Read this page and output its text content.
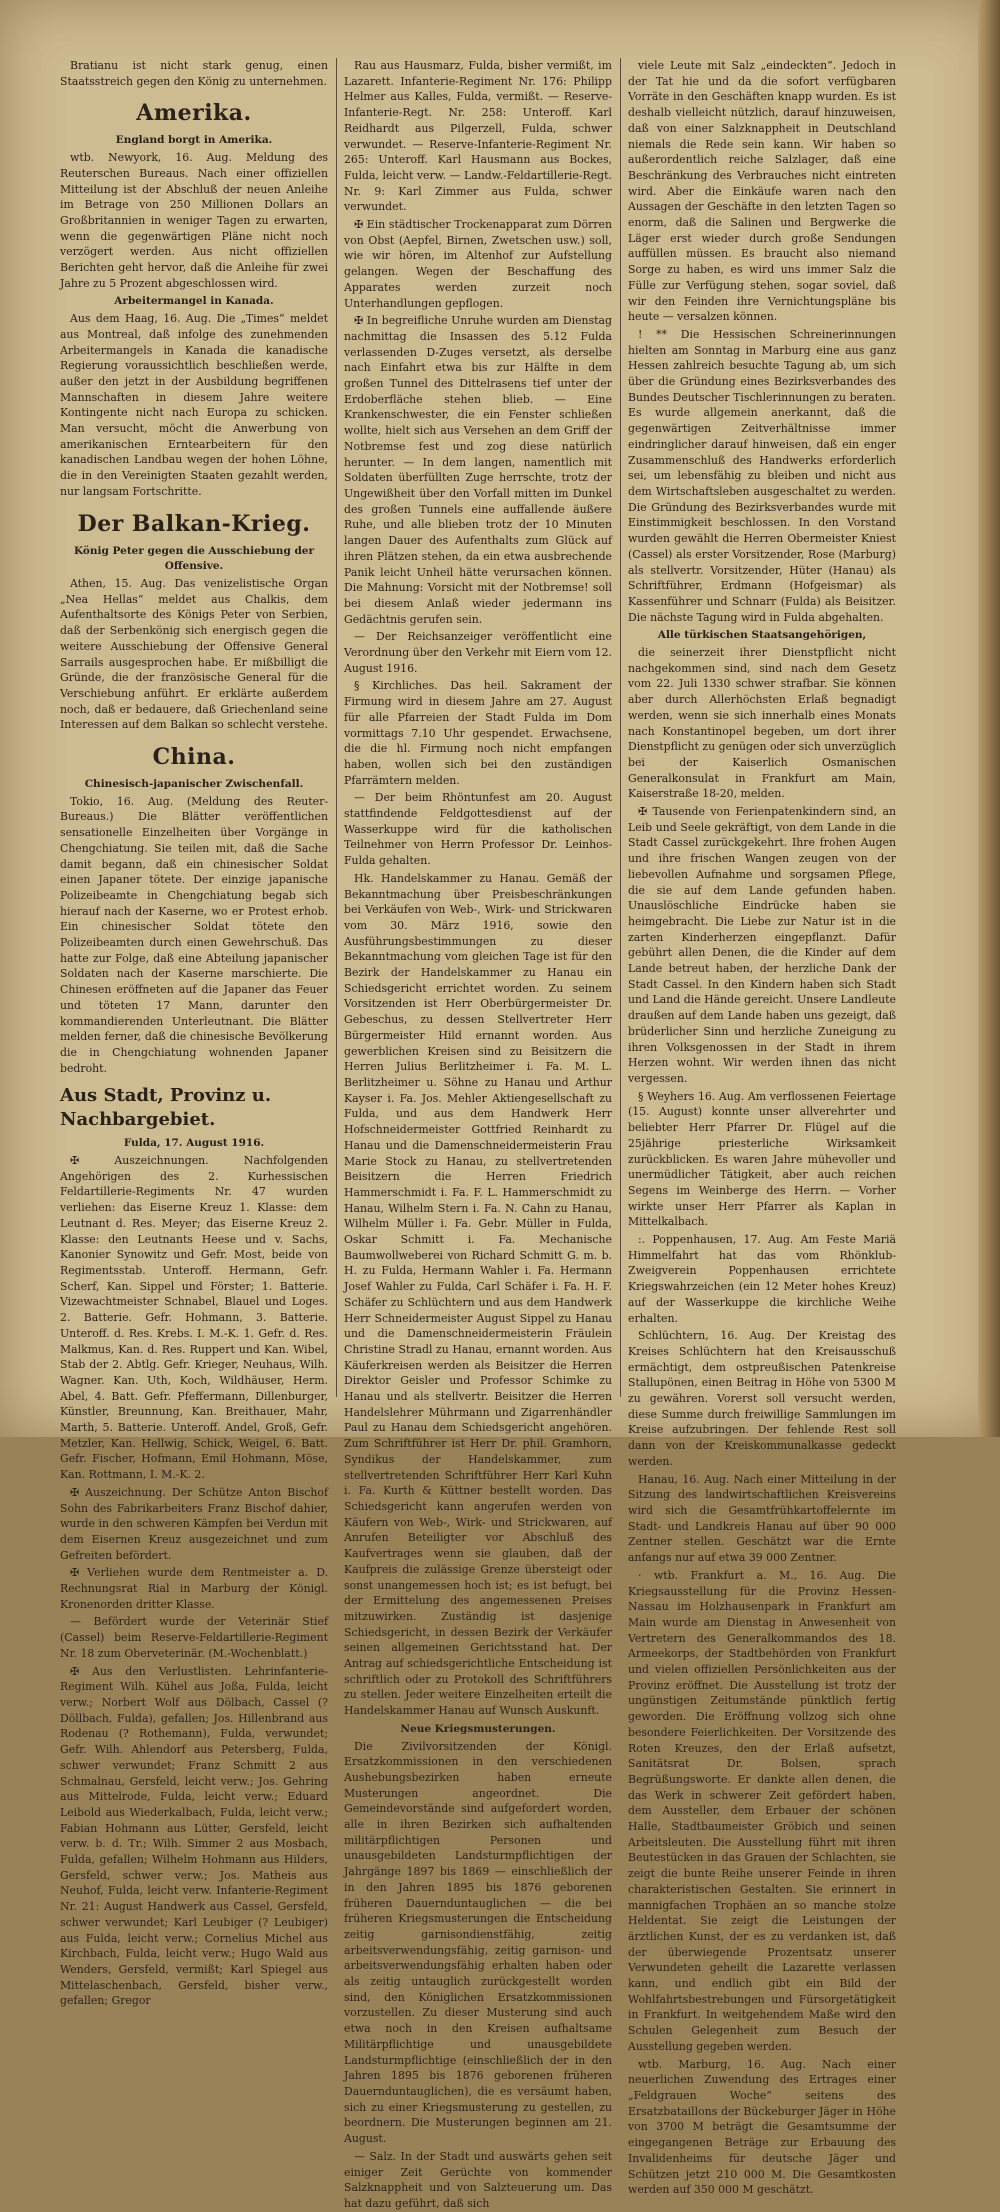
Bratianu ist nicht stark genug, einen Staatsstreich gegen den König zu unternehmen.

Amerika.
England borgt in Amerika.

wtb. Newyork, 16. Aug. Meldung des Reuterschen Bureaus. Nach einer offiziellen Mitteilung ist der Abschluß der neuen Anleihe im Betrage von 250 Millionen Dollars an Großbritannien in weniger Tagen zu erwarten, wenn die gegenwärtigen Pläne nicht noch verzögert werden. Aus nicht offiziellen Berichten geht hervor, daß die Anleihe für zwei Jahre zu 5 Prozent abgeschlossen wird.

Arbeitermangel in Kanada.

Aus dem Haag, 16. Aug. Die „Times“ meldet aus Montreal, daß infolge des zunehmenden Arbeitermangels in Kanada die kanadische Regierung voraussichtlich beschließen werde, außer den jetzt in der Ausbildung begriffenen Mannschaften in diesem Jahre weitere Kontingente nicht nach Europa zu schicken. Man versucht, möcht die Anwerbung von amerikanischen Erntearbeitern für den kanadischen Landbau wegen der hohen Löhne, die in den Vereinigten Staaten gezahlt werden, nur langsam Fortschritte.

Der Balkan-Krieg.
König Peter gegen die Ausschiebung der Offensive.

Athen, 15. Aug. Das venizelistische Organ „Nea Hellas“ meldet aus Chalkis, dem Aufenthaltsorte des Königs Peter von Serbien, daß der Serbenkönig sich energisch gegen die weitere Ausschiebung der Offensive General Sarrails ausgesprochen habe. Er mißbilligt die Gründe, die der französische General für die Verschiebung anführt. Er erklärte außerdem noch, daß er bedauere, daß Griechenland seine Interessen auf dem Balkan so schlecht verstehe.

China.
Chinesisch-japanischer Zwischenfall.

Tokio, 16. Aug. (Meldung des Reuter-Bureaus.) Die Blätter veröffentlichen sensationelle Einzelheiten über Vorgänge in Chengchiatung. Sie teilen mit, daß die Sache damit begann, daß ein chinesischer Soldat einen Japaner tötete. Der einzige japanische Polizeibeamte in Chengchiatung begab sich hierauf nach der Kaserne, wo er Protest erhob. Ein chinesischer Soldat tötete den Polizeibeamten durch einen Gewehrschuß. Das hatte zur Folge, daß eine Abteilung japanischer Soldaten nach der Kaserne marschierte. Die Chinesen eröffneten auf die Japaner das Feuer und töteten 17 Mann, darunter den kommandierenden Unterleutnant. Die Blätter melden ferner, daß die chinesische Bevölkerung die in Chengchiatung wohnenden Japaner bedroht.

Aus Stadt, Provinz u. Nachbargebiet.
Fulda, 17. August 1916.

✠ Auszeichnungen. Nachfolgenden Angehörigen des 2. Kurhessischen Feldartillerie-Regiments Nr. 47 wurden verliehen: das Eiserne Kreuz 1. Klasse: dem Leutnant d. Res. Meyer; das Eiserne Kreuz 2. Klasse: den Leutnants Heese und v. Sachs, Kanonier Synowitz und Gefr. Most, beide von Regimentsstab. Unteroff. Hermann, Gefr. Scherf, Kan. Sippel und Förster; 1. Batterie. Vizewachtmeister Schnabel, Blauel und Loges. 2. Batterie. Gefr. Hohmann, 3. Batterie. Unteroff. d. Res. Krebs. I. M.-K. 1. Gefr. d. Res. Malkmus, Kan. d. Res. Ruppert und Kan. Wibel, Stab der 2. Abtlg. Gefr. Krieger, Neuhaus, Wilh. Wagner. Kan. Uth, Koch, Wildhäuser, Herm. Abel, 4. Batt. Gefr. Pfeffermann, Dillenburger, Künstler, Breunnung, Kan. Breithauer, Mahr, Marth, 5. Batterie. Unteroff. Andel, Groß, Gefr. Metzler, Kan. Hellwig, Schick, Weigel, 6. Batt. Gefr. Fischer, Hofmann, Emil Hohmann, Möse, Kan. Rottmann, I. M.-K. 2.

✠ Auszeichnung. Der Schütze Anton Bischof Sohn des Fabrikarbeiters Franz Bischof dahier, wurde in den schweren Kämpfen bei Verdun mit dem Eisernen Kreuz ausgezeichnet und zum Gefreiten befördert.

✠ Verliehen wurde dem Rentmeister a. D. Rechnungsrat Rial in Marburg der Königl. Kronenorden dritter Klasse.

— Befördert wurde der Veterinär Stief (Cassel) beim Reserve-Feldartillerie-Regiment Nr. 18 zum Oberveterinär. (M.-Wochenblatt.)

✠ Aus den Verlustlisten. Lehrinfanterie-Regiment Wilh. Kühel aus Joßa, Fulda, leicht verw.; Norbert Wolf aus Dölbach, Cassel (? Döllbach, Fulda), gefallen; Jos. Hillenbrand aus Rodenau (? Rothemann), Fulda, verwundet; Gefr. Wilh. Ahlendorf aus Petersberg, Fulda, schwer verwundet; Franz Schmitt 2 aus Schmalnau, Gersfeld, leicht verw.; Jos. Gehring aus Mittelrode, Fulda, leicht verw.; Eduard Leibold aus Wiederkalbach, Fulda, leicht verw.; Fabian Hohmann aus Lütter, Gersfeld, leicht verw. b. d. Tr.; Wilh. Simmer 2 aus Mosbach, Fulda, gefallen; Wilhelm Hohmann aus Hilders, Gersfeld, schwer verw.; Jos. Matheis aus Neuhof, Fulda, leicht verw. Infanterie-Regiment Nr. 21: August Handwerk aus Cassel, Gersfeld, schwer verwundet; Karl Leubiger (? Leubiger) aus Fulda, leicht verw.; Cornelius Michel aus Kirchbach, Fulda, leicht verw.; Hugo Wald aus Wenders, Gersfeld, vermißt; Karl Spiegel aus Mittelaschenbach, Gersfeld, bisher verw., gefallen; Gregor

Rau aus Hausmarz, Fulda, bisher vermißt, im Lazarett. Infanterie-Regiment Nr. 176: Philipp Helmer aus Kalles, Fulda, vermißt. — Reserve-Infanterie-Regt. Nr. 258: Unteroff. Karl Reidhardt aus Pilgerzell, Fulda, schwer verwundet. — Reserve-Infanterie-Regiment Nr. 265: Unteroff. Karl Hausmann aus Bockes, Fulda, leicht verw. — Landw.-Feldartillerie-Regt. Nr. 9: Karl Zimmer aus Fulda, schwer verwundet.

✠ Ein städtischer Trockenapparat zum Dörren von Obst (Aepfel, Birnen, Zwetschen usw.) soll, wie wir hören, im Altenhof zur Aufstellung gelangen. Wegen der Beschaffung des Apparates werden zurzeit noch Unterhandlungen gepflogen.

✠ In begreifliche Unruhe wurden am Dienstag nachmittag die Insassen des 5.12 Fulda verlassenden D-Zuges versetzt, als derselbe nach Einfahrt etwa bis zur Hälfte in dem großen Tunnel des Dittelrasens tief unter der Erdoberfläche stehen blieb. — Eine Krankenschwester, die ein Fenster schließen wollte, hielt sich aus Versehen an dem Griff der Notbremse fest und zog diese natürlich herunter. — In dem langen, namentlich mit Soldaten überfüllten Zuge herrschte, trotz der Ungewißheit über den Vorfall mitten im Dunkel des großen Tunnels eine auffallende äußere Ruhe, und alle blieben trotz der 10 Minuten langen Dauer des Aufenthalts zum Glück auf ihren Plätzen stehen, da ein etwa ausbrechende Panik leicht Unheil hätte verursachen können. Die Mahnung: Vorsicht mit der Notbremse! soll bei diesem Anlaß wieder jedermann ins Gedächtnis gerufen sein.

— Der Reichsanzeiger veröffentlicht eine Verordnung über den Verkehr mit Eiern vom 12. August 1916.

§ Kirchliches. Das heil. Sakrament der Firmung wird in diesem Jahre am 27. August für alle Pfarreien der Stadt Fulda im Dom vormittags 7.10 Uhr gespendet. Erwachsene, die die hl. Firmung noch nicht empfangen haben, wollen sich bei den zuständigen Pfarrämtern melden.

— Der beim Rhöntunfest am 20. August stattfindende Feldgottesdienst auf der Wasserkuppe wird für die katholischen Teilnehmer von Herrn Professor Dr. Leinhos-Fulda gehalten.

Hk. Handelskammer zu Hanau. Gemäß der Bekanntmachung über Preisbeschränkungen bei Verkäufen von Web-, Wirk- und Strickwaren vom 30. März 1916, sowie den Ausführungsbestimmungen zu dieser Bekanntmachung vom gleichen Tage ist für den Bezirk der Handelskammer zu Hanau ein Schiedsgericht errichtet worden. Zu seinem Vorsitzenden ist Herr Oberbürgermeister Dr. Gebeschus, zu dessen Stellvertreter Herr Bürgermeister Hild ernannt worden. Aus gewerblichen Kreisen sind zu Beisitzern die Herren Julius Berlitzheimer i. Fa. M. L. Berlitzheimer u. Söhne zu Hanau und Arthur Kayser i. Fa. Jos. Mehler Aktiengesellschaft zu Fulda, und aus dem Handwerk Herr Hofschneidermeister Gottfried Reinhardt zu Hanau und die Damenschneidermeisterin Frau Marie Stock zu Hanau, zu stellvertretenden Beisitzern die Herren Friedrich Hammerschmidt i. Fa. F. L. Hammerschmidt zu Hanau, Wilhelm Stern i. Fa. N. Cahn zu Hanau, Wilhelm Müller i. Fa. Gebr. Müller in Fulda, Oskar Schmitt i. Fa. Mechanische Baumwollweberei von Richard Schmitt G. m. b. H. zu Fulda, Hermann Wahler i. Fa. Hermann Josef Wahler zu Fulda, Carl Schäfer i. Fa. H. F. Schäfer zu Schlüchtern und aus dem Handwerk Herr Schneidermeister August Sippel zu Hanau und die Damenschneidermeisterin Fräulein Christine Stradl zu Hanau, ernannt worden. Aus Käuferkreisen werden als Beisitzer die Herren Direktor Geisler und Professor Schimke zu Hanau und als stellvertr. Beisitzer die Herren Handelslehrer Mührmann und Zigarrenhändler Paul zu Hanau dem Schiedsgericht angehören. Zum Schriftführer ist Herr Dr. phil. Gramhorn, Syndikus der Handelskammer, zum stellvertretenden Schriftführer Herr Karl Kuhn i. Fa. Kurth & Küttner bestellt worden. Das Schiedsgericht kann angerufen werden von Käufern von Web-, Wirk- und Strickwaren, auf Anrufen Beteiligter vor Abschluß des Kaufvertrages wenn sie glauben, daß der Kaufpreis die zulässige Grenze übersteigt oder sonst unangemessen hoch ist; es ist befugt, bei der Ermittelung des angemessenen Preises mitzuwirken. Zuständig ist dasjenige Schiedsgericht, in dessen Bezirk der Verkäufer seinen allgemeinen Gerichtsstand hat. Der Antrag auf schiedsgerichtliche Entscheidung ist schriftlich oder zu Protokoll des Schriftführers zu stellen. Jeder weitere Einzelheiten erteilt die Handelskammer Hanau auf Wunsch Auskunft.

Neue Kriegsmusterungen.

Die Zivilvorsitzenden der Königl. Ersatzkommissionen in den verschiedenen Aushebungsbezirken haben erneute Musterungen angeordnet. Die Gemeindevorstände sind aufgefordert worden, alle in ihren Bezirken sich aufhaltenden militärpflichtigen Personen und unausgebildeten Landsturmpflichtigen der Jahrgänge 1897 bis 1869 — einschließlich der in den Jahren 1895 bis 1876 geborenen früheren Dauernduntauglichen — die bei früheren Kriegsmusterungen die Entscheidung zeitig garnisondienstfähig, zeitig arbeitsverwendungsfähig, zeitig garnison- und arbeitsverwendungsfähig erhalten haben oder als zeitig untauglich zurückgestellt worden sind, den Königlichen Ersatzkommissionen vorzustellen. Zu dieser Musterung sind auch etwa noch in den Kreisen aufhaltsame Militärpflichtige und unausgebildete Landsturmpflichtige (einschließlich der in den Jahren 1895 bis 1876 geborenen früheren Dauernduntauglichen), die es versäumt haben, sich zu einer Kriegsmusterung zu gestellen, zu beordnern. Die Musterungen beginnen am 21. August.

— Salz. In der Stadt und auswärts gehen seit einiger Zeit Gerüchte von kommender Salzknappheit und von Salzteuerung um. Das hat dazu geführt, daß sich

viele Leute mit Salz „eindeckten“. Jedoch in der Tat hie und da die sofort verfügbaren Vorräte in den Geschäften knapp wurden. Es ist deshalb vielleicht nützlich, darauf hinzuweisen, daß von einer Salzknappheit in Deutschland niemals die Rede sein kann. Wir haben so außerordentlich reiche Salzlager, daß eine Beschränkung des Verbrauches nicht eintreten wird. Aber die Einkäufe waren nach den Aussagen der Geschäfte in den letzten Tagen so enorm, daß die Salinen und Bergwerke die Läger erst wieder durch große Sendungen auffüllen müssen. Es braucht also niemand Sorge zu haben, es wird uns immer Salz die Fülle zur Verfügung stehen, sogar soviel, daß wir den Feinden ihre Vernichtungspläne bis heute — versalzen können.

! ** Die Hessischen Schreinerinnungen hielten am Sonntag in Marburg eine aus ganz Hessen zahlreich besuchte Tagung ab, um sich über die Gründung eines Bezirksverbandes des Bundes Deutscher Tischlerinnungen zu beraten. Es wurde allgemein anerkannt, daß die gegenwärtigen Zeitverhältnisse immer eindringlicher darauf hinweisen, daß ein enger Zusammenschluß des Handwerks erforderlich sei, um lebensfähig zu bleiben und nicht aus dem Wirtschaftsleben ausgeschaltet zu werden. Die Gründung des Bezirksverbandes wurde mit Einstimmigkeit beschlossen. In den Vorstand wurden gewählt die Herren Obermeister Kniest (Cassel) als erster Vorsitzender, Rose (Marburg) als stellvertr. Vorsitzender, Hüter (Hanau) als Schriftführer, Erdmann (Hofgeismar) als Kassenführer und Schnarr (Fulda) als Beisitzer. Die nächste Tagung wird in Fulda abgehalten.

Alle türkischen Staatsangehörigen,

die seinerzeit ihrer Dienstpflicht nicht nachgekommen sind, sind nach dem Gesetz vom 22. Juli 1330 schwer strafbar. Sie können aber durch Allerhöchsten Erlaß begnadigt werden, wenn sie sich innerhalb eines Monats nach Konstantinopel begeben, um dort ihrer Dienstpflicht zu genügen oder sich unverzüglich bei der Kaiserlich Osmanischen Generalkonsulat in Frankfurt am Main, Kaiserstraße 18-20, melden.

✠ Tausende von Ferienpatenkindern sind, an Leib und Seele gekräftigt, von dem Lande in die Stadt Cassel zurückgekehrt. Ihre frohen Augen und ihre frischen Wangen zeugen von der liebevollen Aufnahme und sorgsamen Pflege, die sie auf dem Lande gefunden haben. Unauslöschliche Eindrücke haben sie heimgebracht. Die Liebe zur Natur ist in die zarten Kinderherzen eingepflanzt. Dafür gebührt allen Denen, die die Kinder auf dem Lande betreut haben, der herzliche Dank der Stadt Cassel. In den Kindern haben sich Stadt und Land die Hände gereicht. Unsere Landleute draußen auf dem Lande haben uns gezeigt, daß brüderlicher Sinn und herzliche Zuneigung zu ihren Volksgenossen in der Stadt in ihrem Herzen wohnt. Wir werden ihnen das nicht vergessen.

§ Weyhers 16. Aug. Am verflossenen Feiertage (15. August) konnte unser allverehrter und beliebter Herr Pfarrer Dr. Flügel auf die 25jährige priesterliche Wirksamkeit zurückblicken. Es waren Jahre mühevoller und unermüdlicher Tätigkeit, aber auch reichen Segens im Weinberge des Herrn. — Vorher wirkte unser Herr Pfarrer als Kaplan in Mittelkalbach.

:. Poppenhausen, 17. Aug. Am Feste Mariä Himmelfahrt hat das vom Rhönklub-Zweigverein Poppenhausen errichtete Kriegswahrzeichen (ein 12 Meter hohes Kreuz) auf der Wasserkuppe die kirchliche Weihe erhalten.

Schlüchtern, 16. Aug. Der Kreistag des Kreises Schlüchtern hat den Kreisausschuß ermächtigt, dem ostpreußischen Patenkreise Stallupönen, einen Beitrag in Höhe von 5300 M zu gewähren. Vorerst soll versucht werden, diese Summe durch freiwillige Sammlungen im Kreise aufzubringen. Der fehlende Rest soll dann von der Kreiskommunalkasse gedeckt werden.

Hanau, 16. Aug. Nach einer Mitteilung in der Sitzung des landwirtschaftlichen Kreisvereins wird sich die Gesamtfrühkartoffelernte im Stadt- und Landkreis Hanau auf über 90 000 Zentner stellen. Geschätzt war die Ernte anfangs nur auf etwa 39 000 Zentner.

· wtb. Frankfurt a. M., 16. Aug. Die Kriegsausstellung für die Provinz Hessen-Nassau im Holzhausenpark in Frankfurt am Main wurde am Dienstag in Anwesenheit von Vertretern des Generalkommandos des 18. Armeekorps, der Stadtbehörden von Frankfurt und vielen offiziellen Persönlichkeiten aus der Provinz eröffnet. Die Ausstellung ist trotz der ungünstigen Zeitumstände pünktlich fertig geworden. Die Eröffnung vollzog sich ohne besondere Feierlichkeiten. Der Vorsitzende des Roten Kreuzes, den der Erlaß aufsetzt, Sanitätsrat Dr. Bolsen, sprach Begrüßungsworte. Er dankte allen denen, die das Werk in schwerer Zeit gefördert haben, dem Aussteller, dem Erbauer der schönen Halle, Stadtbaumeister Gröbich und seinen Arbeitsleuten. Die Ausstellung führt mit ihren Beutestücken in das Grauen der Schlachten, sie zeigt die bunte Reihe unserer Feinde in ihren charakteristischen Gestalten. Sie erinnert in mannigfachen Trophäen an so manche stolze Heldentat. Sie zeigt die Leistungen der ärztlichen Kunst, der es zu verdanken ist, daß der überwiegende Prozentsatz unserer Verwundeten geheilt die Lazarette verlassen kann, und endlich gibt ein Bild der Wohlfahrtsbestrebungen und Fürsorgetätigkeit in Frankfurt. In weitgehendem Maße wird den Schulen Gelegenheit zum Besuch der Ausstellung gegeben werden.

wtb. Marburg, 16. Aug. Nach einer neuerlichen Zuwendung des Ertrages einer „Feldgrauen Woche“ seitens des Ersatzbataillons der Bückeburger Jäger in Höhe von 3700 M beträgt die Gesamtsumme der eingegangenen Beträge zur Erbauung des Invalidenheims für deutsche Jäger und Schützen jetzt 210 000 M. Die Gesamtkosten werden auf 350 000 M geschätzt.
